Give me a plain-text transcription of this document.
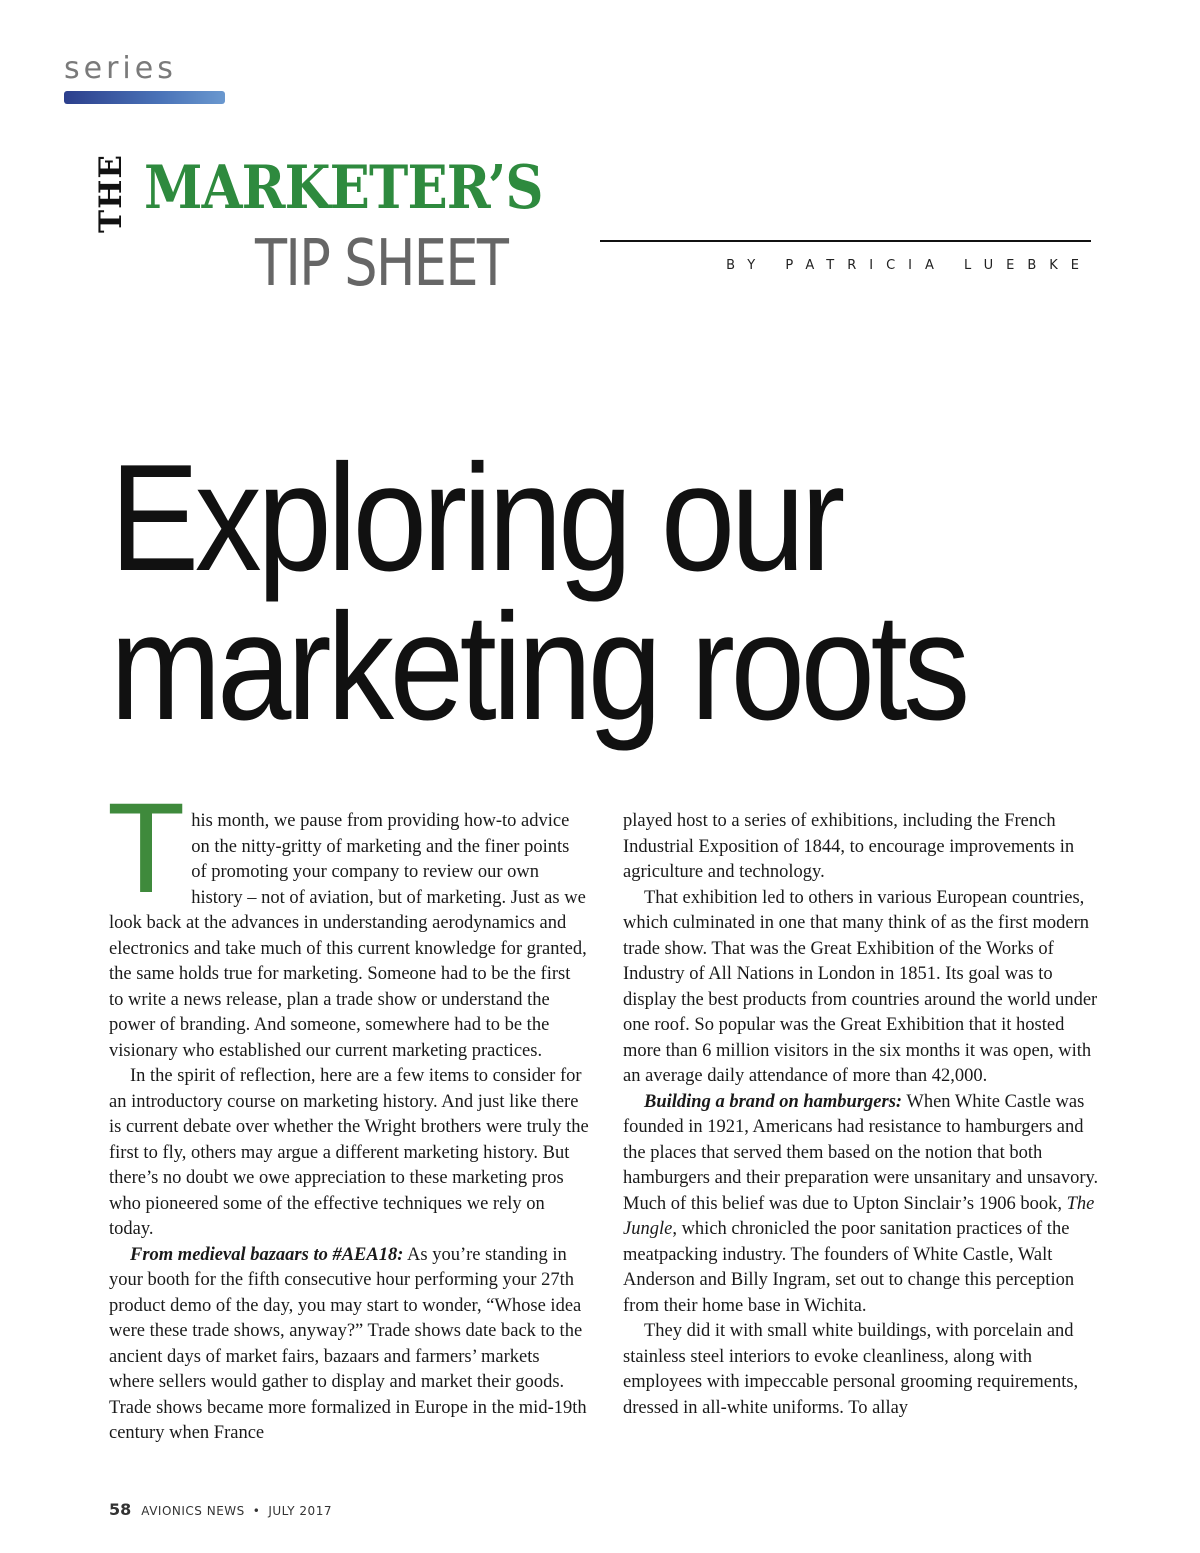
series
THE MARKETER’S
TIP SHEET	BY PATRICIA LUEBKE
Exploring our
marketing roots

T his month, we pause from providing how-to advice on the nitty-gritty of marketing and the finer points of promoting your company to review our own history – not of aviation, but of marketing. Just as we look back at the advances in understanding aerodynamics and electronics and take much of this current knowledge for granted, the same holds true for marketing. Someone had to be the first to write a news release, plan a trade show or understand the power of branding. And someone, somewhere had to be the visionary who established our current marketing practices.

In the spirit of reflection, here are a few items to consider for an introductory course on marketing history. And just like there is current debate over whether the Wright brothers were truly the first to fly, others may argue a different marketing history. But there’s no doubt we owe appreciation to these marketing pros who pioneered some of the effective techniques we rely on today.

From medieval bazaars to #AEA18: As you’re standing in your booth for the fifth consecutive hour performing your 27th product demo of the day, you may start to wonder, “Whose idea were these trade shows, anyway?” Trade shows date back to the ancient days of market fairs, bazaars and farmers’ markets where sellers would gather to display and market their goods. Trade shows became more formalized in Europe in the mid-19th century when France

played host to a series of exhibitions, including the French Industrial Exposition of 1844, to encourage improvements in agriculture and technology.

That exhibition led to others in various European countries, which culminated in one that many think of as the first modern trade show. That was the Great Exhibition of the Works of Industry of All Nations in London in 1851. Its goal was to display the best products from countries around the world under one roof. So popular was the Great Exhibition that it hosted more than 6 million visitors in the six months it was open, with an average daily attendance of more than 42,000.

Building a brand on hamburgers: When White Castle was founded in 1921, Americans had resistance to hamburgers and the places that served them based on the notion that both hamburgers and their preparation were unsanitary and unsavory. Much of this belief was due to Upton Sinclair’s 1906 book, The Jungle, which chronicled the poor sanitation practices of the meatpacking industry. The founders of White Castle, Walt Anderson and Billy Ingram, set out to change this perception from their home base in Wichita.

They did it with small white buildings, with porcelain and stainless steel interiors to evoke cleanliness, along with employees with impeccable personal grooming requirements, dressed in all-white uniforms. To allay

58 AVIONICS NEWS • JULY 2017
